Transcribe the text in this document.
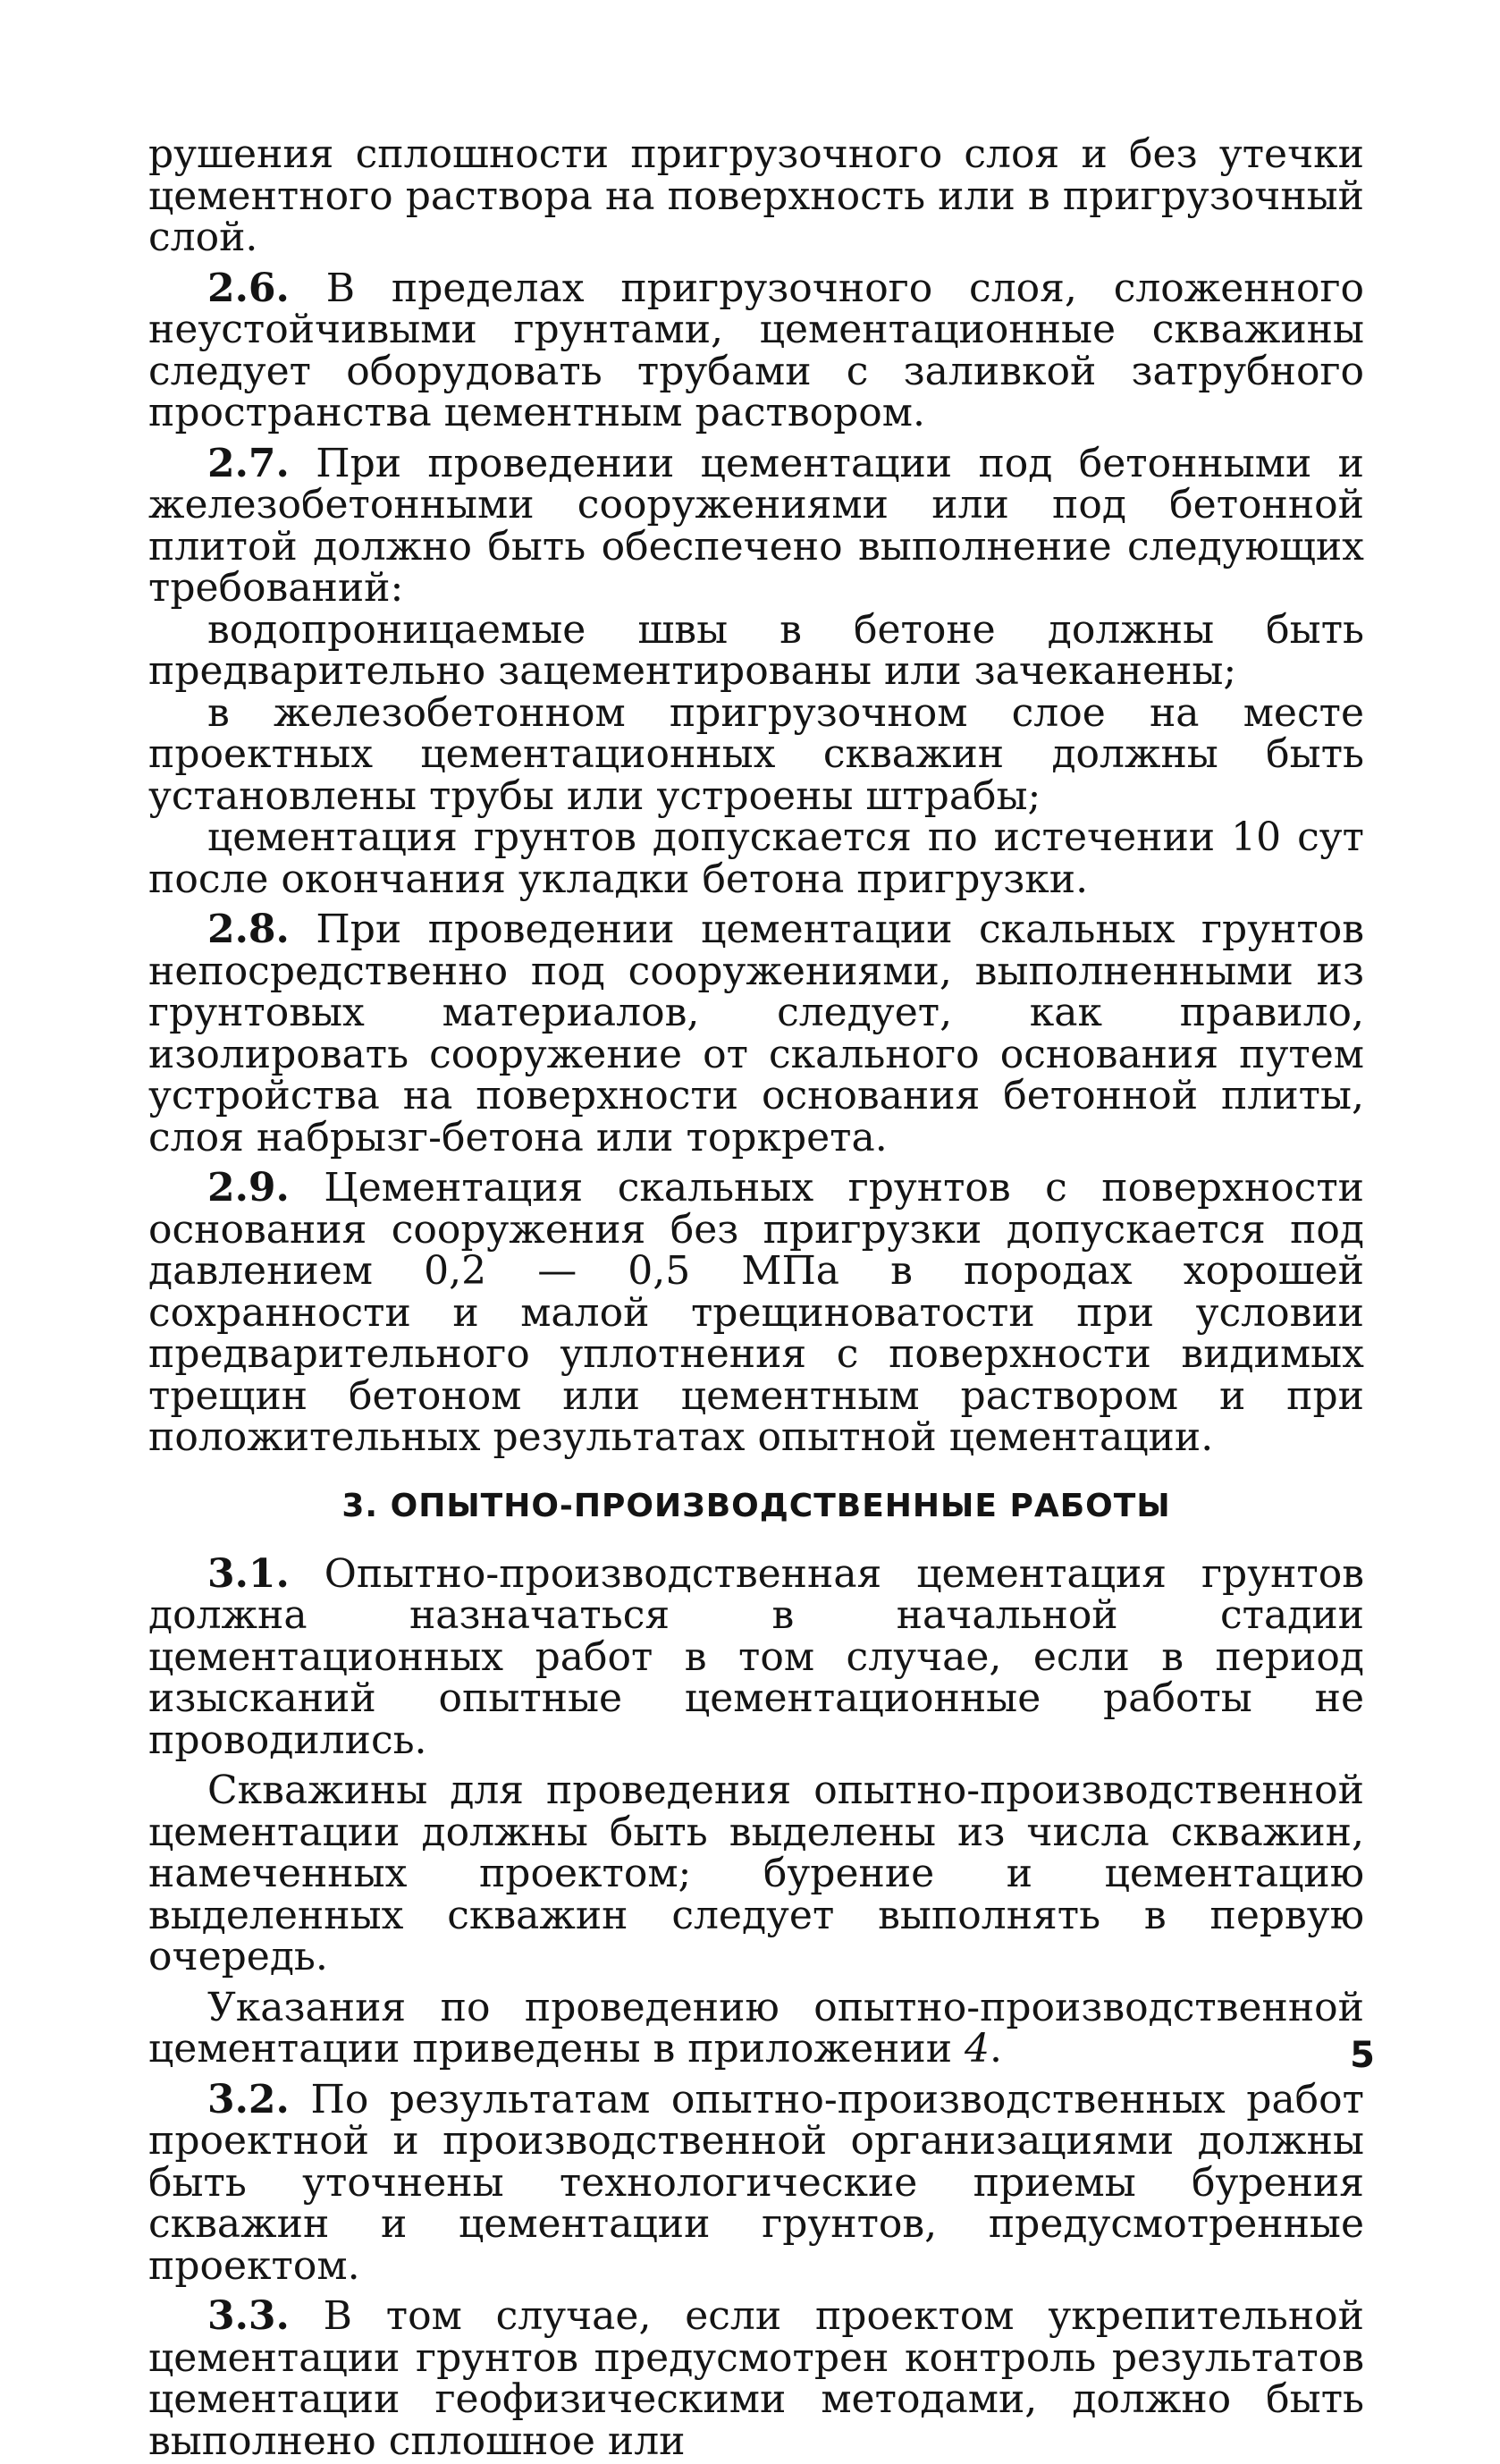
рушения сплошности пригрузочного слоя и без утечки цементного раствора на поверхность или в пригрузочный слой.

2.6. В пределах пригрузочного слоя, сложенного неустойчивыми грунтами, цементационные скважины следует оборудовать трубами с заливкой затрубного пространства цементным раствором.

2.7. При проведении цементации под бетонными и железобетонными сооружениями или под бетонной плитой должно быть обеспечено выполнение следующих требований:

водопроницаемые швы в бетоне должны быть предварительно зацементированы или зачеканены;

в железобетонном пригрузочном слое на месте проектных цементационных скважин должны быть установлены трубы или устроены штрабы;

цементация грунтов допускается по истечении 10 сут после окончания укладки бетона пригрузки.

2.8. При проведении цементации скальных грунтов непосредственно под сооружениями, выполненными из грунтовых материалов, следует, как правило, изолировать сооружение от скального основания путем устройства на поверхности основания бетонной плиты, слоя набрызг-бетона или торкрета.

2.9. Цементация скальных грунтов с поверхности основания сооружения без пригрузки допускается под давлением 0,2 — 0,5 МПа в породах хорошей сохранности и малой трещиноватости при условии предварительного уплотнения с поверхности видимых трещин бетоном или цементным раствором и при положительных результатах опытной цементации.

3. ОПЫТНО-ПРОИЗВОДСТВЕННЫЕ РАБОТЫ

3.1. Опытно-производственная цементация грунтов должна назначаться в начальной стадии цементационных работ в том случае, если в период изысканий опытные цементационные работы не проводились.

Скважины для проведения опытно-производственной цементации должны быть выделены из числа скважин, намеченных проектом; бурение и цементацию выделенных скважин следует выполнять в первую очередь.

Указания по проведению опытно-производственной цементации приведены в приложении 4.

3.2. По результатам опытно-производственных работ проектной и производственной организациями должны быть уточнены технологические приемы бурения скважин и цементации грунтов, предусмотренные проектом.

3.3. В том случае, если проектом укрепительной цементации грунтов предусмотрен контроль результатов цементации геофизическими методами, должно быть выполнено сплошное или

5
